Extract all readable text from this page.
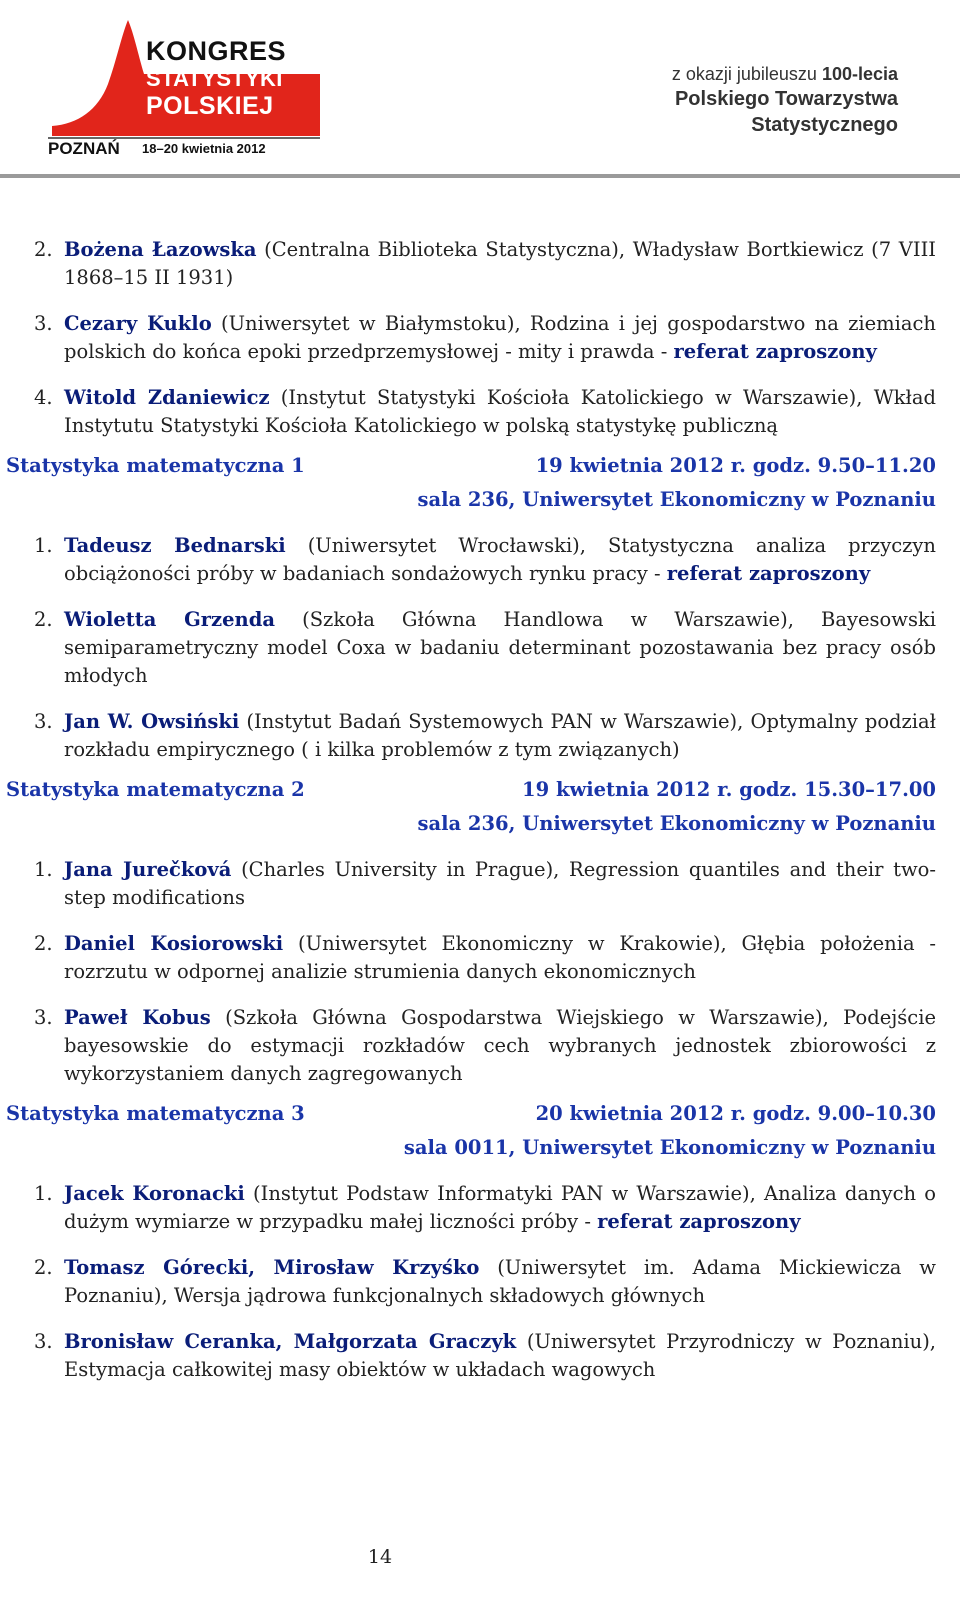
KONGRES
STATYSTYKI
POLSKIEJ
POZNAŃ 18–20 kwietnia 2012
z okazji jubileuszu 100-lecia
Polskiego Towarzystwa
Statystycznego
2. Bożena Łazowska (Centralna Biblioteka Statystyczna), Władysław Bortkiewicz (7 VIII 1868–15 II 1931)
3. Cezary Kuklo (Uniwersytet w Białymstoku), Rodzina i jej gospodarstwo na ziemiach polskich do końca epoki przedprzemysłowej - mity i prawda - referat zaproszony
4. Witold Zdaniewicz (Instytut Statystyki Kościoła Katolickiego w Warszawie), Wkład Instytutu Statystyki Kościoła Katolickiego w polską statystykę publiczną
Statystyka matematyczna 1	19 kwietnia 2012 r. godz. 9.50–11.20
sala 236, Uniwersytet Ekonomiczny w Poznaniu
1. Tadeusz Bednarski (Uniwersytet Wrocławski), Statystyczna analiza przyczyn obciążoności próby w badaniach sondażowych rynku pracy - referat zaproszony
2. Wioletta Grzenda (Szkoła Główna Handlowa w Warszawie), Bayesowski semiparametryczny model Coxa w badaniu determinant pozostawania bez pracy osób młodych
3. Jan W. Owsiński (Instytut Badań Systemowych PAN w Warszawie), Optymalny podział rozkładu empirycznego ( i kilka problemów z tym związanych)
Statystyka matematyczna 2	19 kwietnia 2012 r. godz. 15.30–17.00
sala 236, Uniwersytet Ekonomiczny w Poznaniu
1. Jana Jurečková (Charles University in Prague), Regression quantiles and their two-step modifications
2. Daniel Kosiorowski (Uniwersytet Ekonomiczny w Krakowie), Głębia położenia - rozrzutu w odpornej analizie strumienia danych ekonomicznych
3. Paweł Kobus (Szkoła Główna Gospodarstwa Wiejskiego w Warszawie), Podejście bayesowskie do estymacji rozkładów cech wybranych jednostek zbiorowości z wykorzystaniem danych zagregowanych
Statystyka matematyczna 3	20 kwietnia 2012 r. godz. 9.00–10.30
sala 0011, Uniwersytet Ekonomiczny w Poznaniu
1. Jacek Koronacki (Instytut Podstaw Informatyki PAN w Warszawie), Analiza danych o dużym wymiarze w przypadku małej liczności próby - referat zaproszony
2. Tomasz Górecki, Mirosław Krzyśko (Uniwersytet im. Adama Mickiewicza w Poznaniu), Wersja jądrowa funkcjonalnych składowych głównych
3. Bronisław Ceranka, Małgorzata Graczyk (Uniwersytet Przyrodniczy w Poznaniu), Estymacja całkowitej masy obiektów w układach wagowych
14
